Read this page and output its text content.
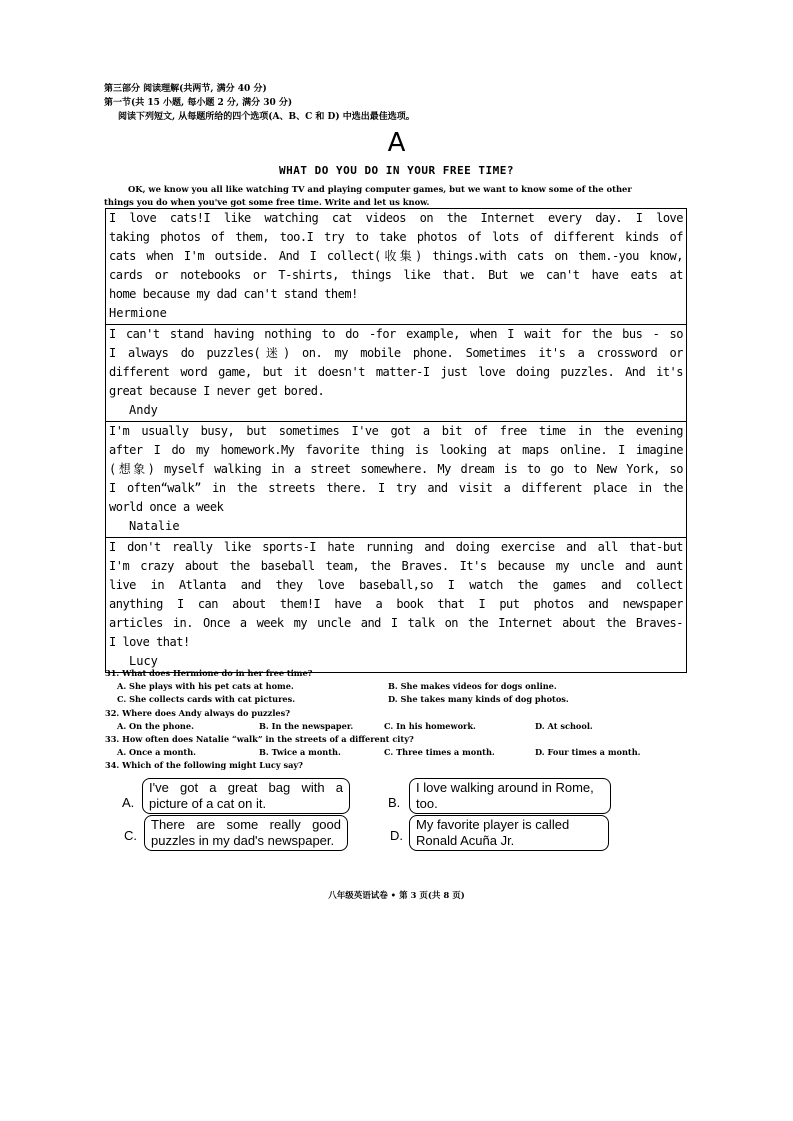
第三部分 阅读理解(共两节, 满分 40 分)
第一节(共 15 小题, 每小题 2 分, 满分 30 分)
阅读下列短文, 从每题所给的四个选项(A、B、C 和 D) 中选出最佳选项。
A
WHAT DO YOU DO IN YOUR FREE TIME?

OK, we know you all like watching TV and playing computer games, but we want to know some of the other

things you do when you've got some free time. Write and let us know.

I love cats!I like watching cat videos on the Internet every day. I love

taking photos of them, too.I try to take photos of lots of different kinds of

cats when I'm outside. And I collect(收集) things.with cats on them.-you know,

cards or notebooks or T-shirts, things like that. But we can't have eats at

home because my dad can't stand them!

Hermione

I can't stand having nothing to do -for example, when I wait for the bus - so

I always do puzzles(迷) on. my mobile phone. Sometimes it's a crossword or

different word game, but it doesn't matter-I just love doing puzzles. And it's

great because I never get bored.

Andy

I'm usually busy, but sometimes I've got a bit of free time in the evening

after I do my homework.My favorite thing is looking at maps online. I imagine

(想象) myself walking in a street somewhere. My dream is to go to New York, so

I often“walk” in the streets there. I try and visit a different place in the

world once a week

Natalie

I don't really like sports-I hate running and doing exercise and all that-but

I'm crazy about the baseball team, the Braves. It's because my uncle and aunt

live in Atlanta and they love baseball,so I watch the games and collect

anything I can about them!I have a book that I put photos and newspaper

articles in. Once a week my uncle and I talk on the Internet about the Braves-

I love that!

Lucy
31. What does Hermione do in her free time?
A. She plays with his pet cats at home.	B. She makes videos for dogs online.
C. She collects cards with cat pictures.	D. She takes many kinds of dog photos.
32. Where does Andy always do puzzles?
A. On the phone.	B. In the newspaper.	C. In his homework.	D. At school.
33. How often does Natalie “walk” in the streets of a different city?
A. Once a month.	B. Twice a month.	C. Three times a month.	D. Four times a month.
34. Which of the following might Lucy say?
A.
I've got a great bag with a
picture of a cat on it.	B.
I love walking around in Rome,
too.
C.
There are some really good
puzzles in my dad's newspaper.	D.
My favorite player is called
Ronald Acuña Jr.
八年级英语试卷 • 第 3 页(共 8 页)
